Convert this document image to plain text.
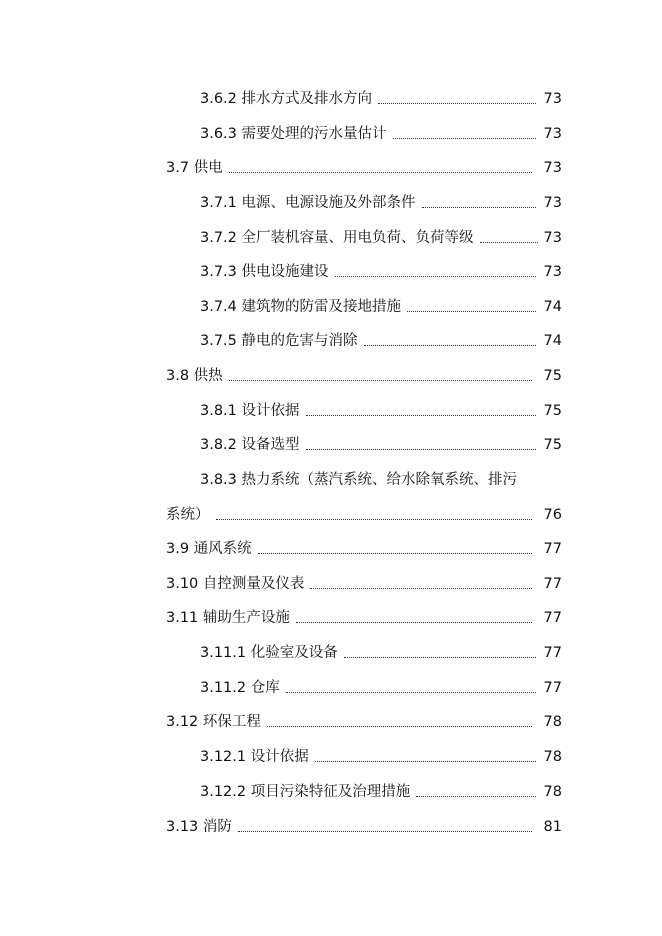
3.6.2 排水方式及排水方向	73
3.6.3 需要处理的污水量估计	73
3.7 供电	73
3.7.1 电源、电源设施及外部条件	73
3.7.2 全厂装机容量、用电负荷、负荷等级	73
3.7.3 供电设施建设	73
3.7.4 建筑物的防雷及接地措施	74
3.7.5 静电的危害与消除	74
3.8 供热	75
3.8.1 设计依据	75
3.8.2 设备选型	75
3.8.3 热力系统（蒸汽系统、给水除氧系统、排污
系统）	76
3.9 通风系统	77
3.10 自控测量及仪表	77
3.11 辅助生产设施	77
3.11.1 化验室及设备	77
3.11.2 仓库	77
3.12 环保工程	78
3.12.1 设计依据	78
3.12.2 项目污染特征及治理措施	78
3.13 消防	81
